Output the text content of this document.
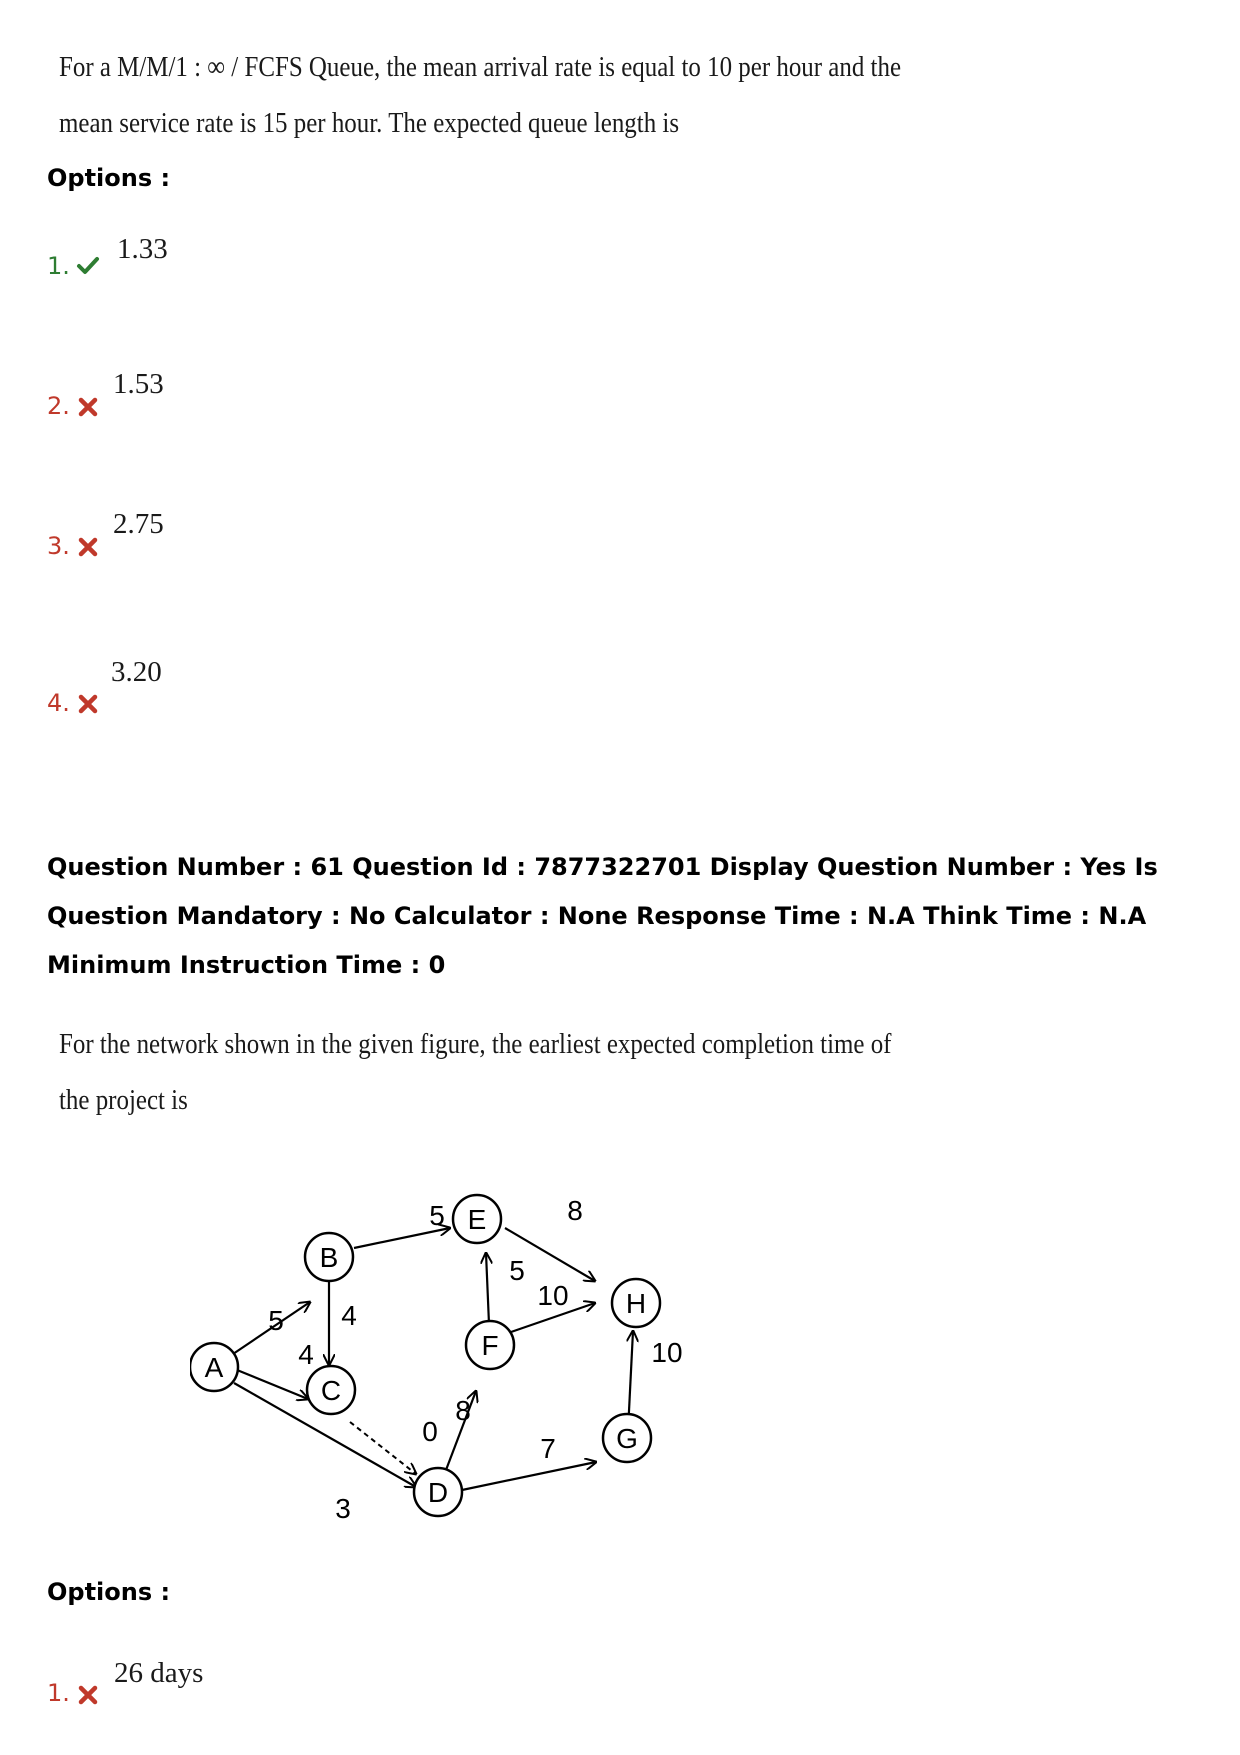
For a M/M/1 : ∞ / FCFS Queue, the mean arrival rate is equal to 10 per hour and the
mean service rate is 15 per hour. The expected queue length is
Options :
1.
1.33
2.
1.53
3.
2.75
4.
3.20
Question Number : 61 Question Id : 7877322701 Display Question Number : Yes Is Question Mandatory : No Calculator : None Response Time : N.A Think Time : N.A Minimum Instruction Time : 0
For the network shown in the given figure, the earliest expected completion time of
the project is
5
4
3
5
4
0
8
7
5
8
10
10
A
B
C
D
E
F
G
H
Options :
1.
26 days
